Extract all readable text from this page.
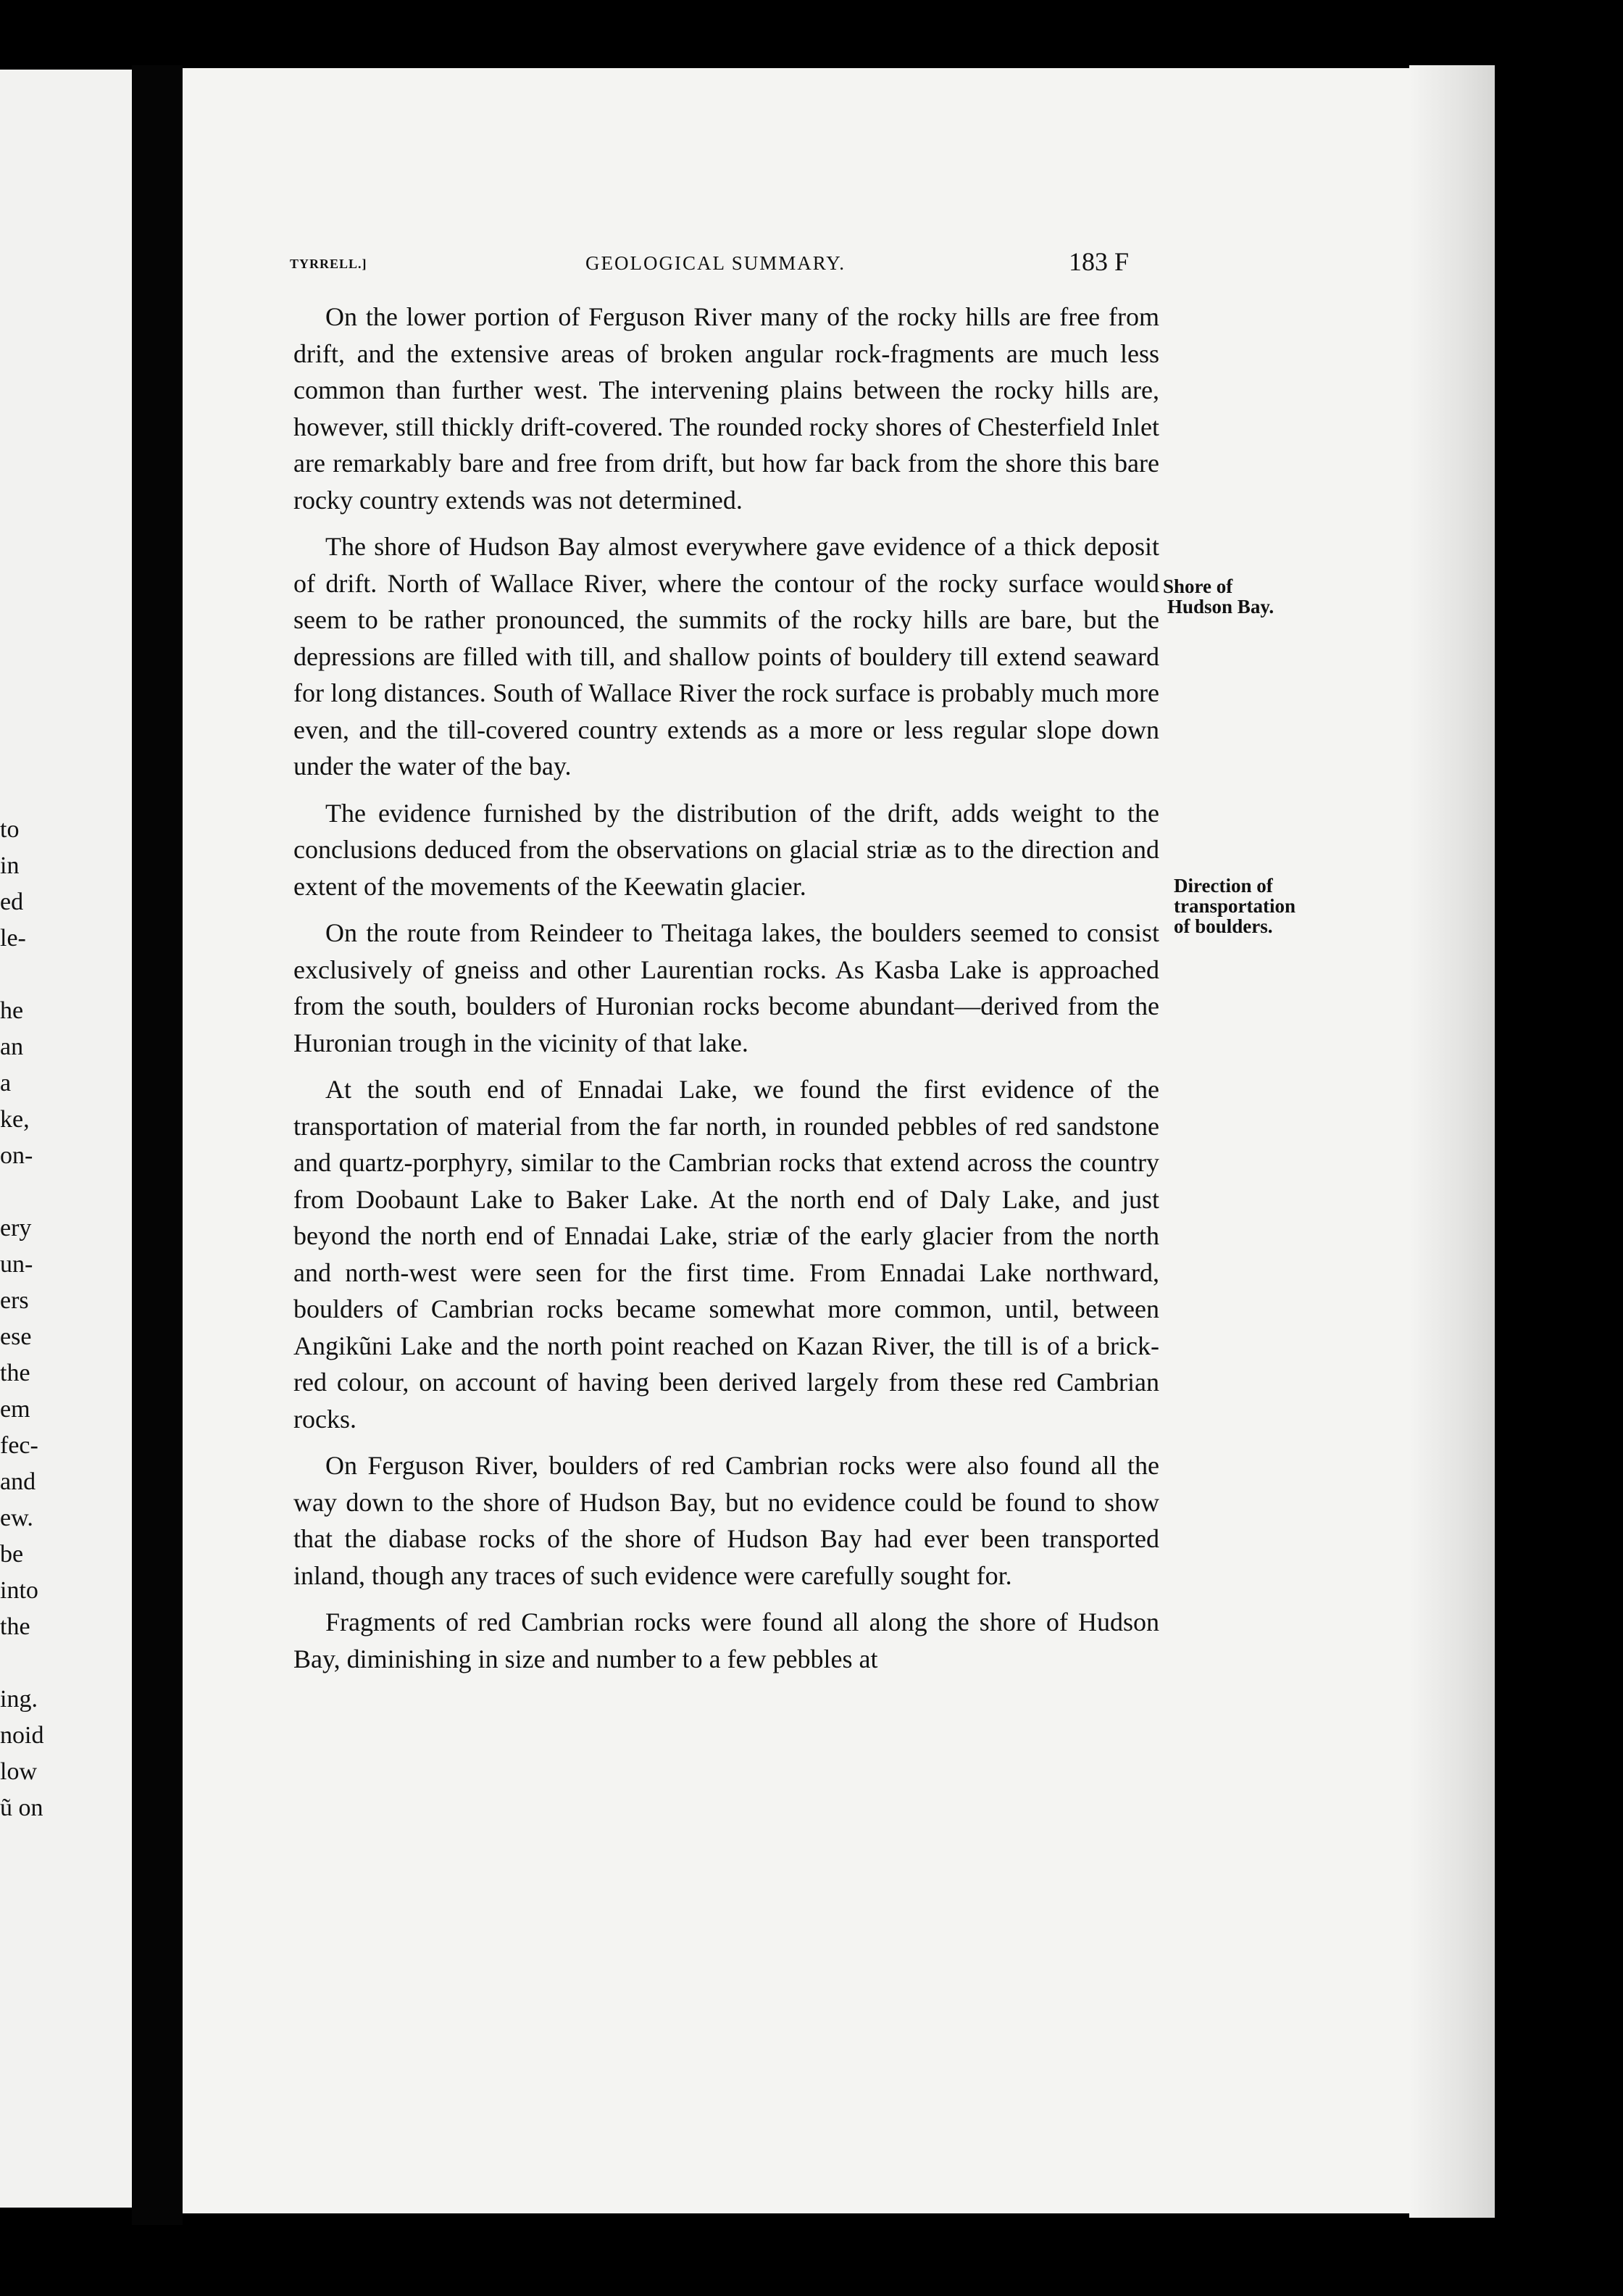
to
in
ed
le-
he
an
a
ke,
on-
ery
un-
ers
ese
the
em
fec-
and
ew.
be
into
the
ing.
noid
low
ũ on
TYRRELL.]	GEOLOGICAL SUMMARY.	183 F

On the lower portion of Ferguson River many of the rocky hills are free from drift, and the extensive areas of broken angular rock-fragments are much less common than further west. The intervening plains between the rocky hills are, however, still thickly drift-covered. The rounded rocky shores of Chesterfield Inlet are remarkably bare and free from drift, but how far back from the shore this bare rocky country extends was not determined.

The shore of Hudson Bay almost everywhere gave evidence of a thick deposit of drift. North of Wallace River, where the contour of the rocky surface would seem to be rather pronounced, the summits of the rocky hills are bare, but the depressions are filled with till, and shallow points of bouldery till extend seaward for long distances. South of Wallace River the rock surface is probably much more even, and the till-covered country extends as a more or less regular slope down under the water of the bay.

The evidence furnished by the distribution of the drift, adds weight to the conclusions deduced from the observations on glacial striæ as to the direction and extent of the movements of the Keewatin glacier.

On the route from Reindeer to Theitaga lakes, the boulders seemed to consist exclusively of gneiss and other Laurentian rocks. As Kasba Lake is approached from the south, boulders of Huronian rocks become abundant—derived from the Huronian trough in the vicinity of that lake.

At the south end of Ennadai Lake, we found the first evidence of the transportation of material from the far north, in rounded pebbles of red sandstone and quartz-porphyry, similar to the Cambrian rocks that extend across the country from Doobaunt Lake to Baker Lake. At the north end of Daly Lake, and just beyond the north end of Ennadai Lake, striæ of the early glacier from the north and north-west were seen for the first time. From Ennadai Lake northward, boulders of Cambrian rocks became somewhat more common, until, between Angikũni Lake and the north point reached on Kazan River, the till is of a brick-red colour, on account of having been derived largely from these red Cambrian rocks.

On Ferguson River, boulders of red Cambrian rocks were also found all the way down to the shore of Hudson Bay, but no evidence could be found to show that the diabase rocks of the shore of Hudson Bay had ever been transported inland, though any traces of such evidence were carefully sought for.

Fragments of red Cambrian rocks were found all along the shore of Hudson Bay, diminishing in size and number to a few pebbles at

Shore of
Hudson Bay.
Direction of
transportation
of boulders.
